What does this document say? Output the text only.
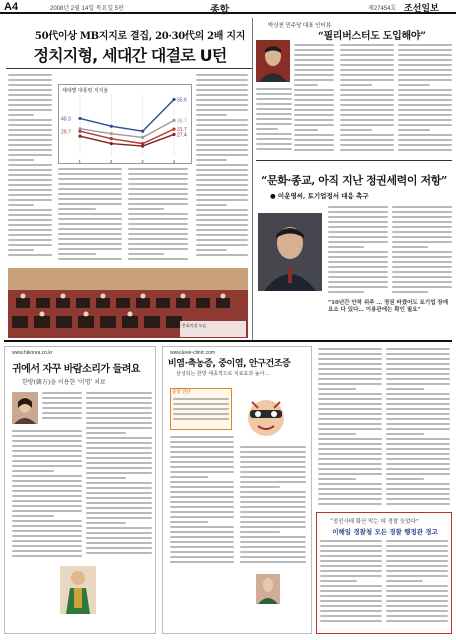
A4	2008년 2월 14일 목요일 5판	종합	제27454호 조선일보
50代이상 MB지지로 결집, 20·30代의 2배 지지
정치지형, 세대간 대결로 U턴
55.6
38.7
31.7
27.4
40.3
29.7
1	2	3	4
세대별 대통령 지지율
본회의장 모습
박상천 민주당 대표 인터뷰
“필리버스터도 도입해야”
“문화·종교, 아직 지난 정권세력이 저항”
● 이운영씨, 토기업정서 대응 촉구
“10년간 안착 위주 … 정권 바꼈어도 토기업 장애 요소 다 있다… 이용관에는 확인 필요”
www.hikorea.co.kr
귀에서 자꾸 바람소리가 들려요
한방(韓方)을 이용한 '이명' 치료
www.leee-clinic.com
비염·축농증, 중이염, 안구건조증
삼성되는 한방 세종적으로 치료효과 높아…
증상 진단
“정선사태 확산 막는 데 경찰 늦었다”
이해일 경찰청 모든 경찰 행정관 경고
